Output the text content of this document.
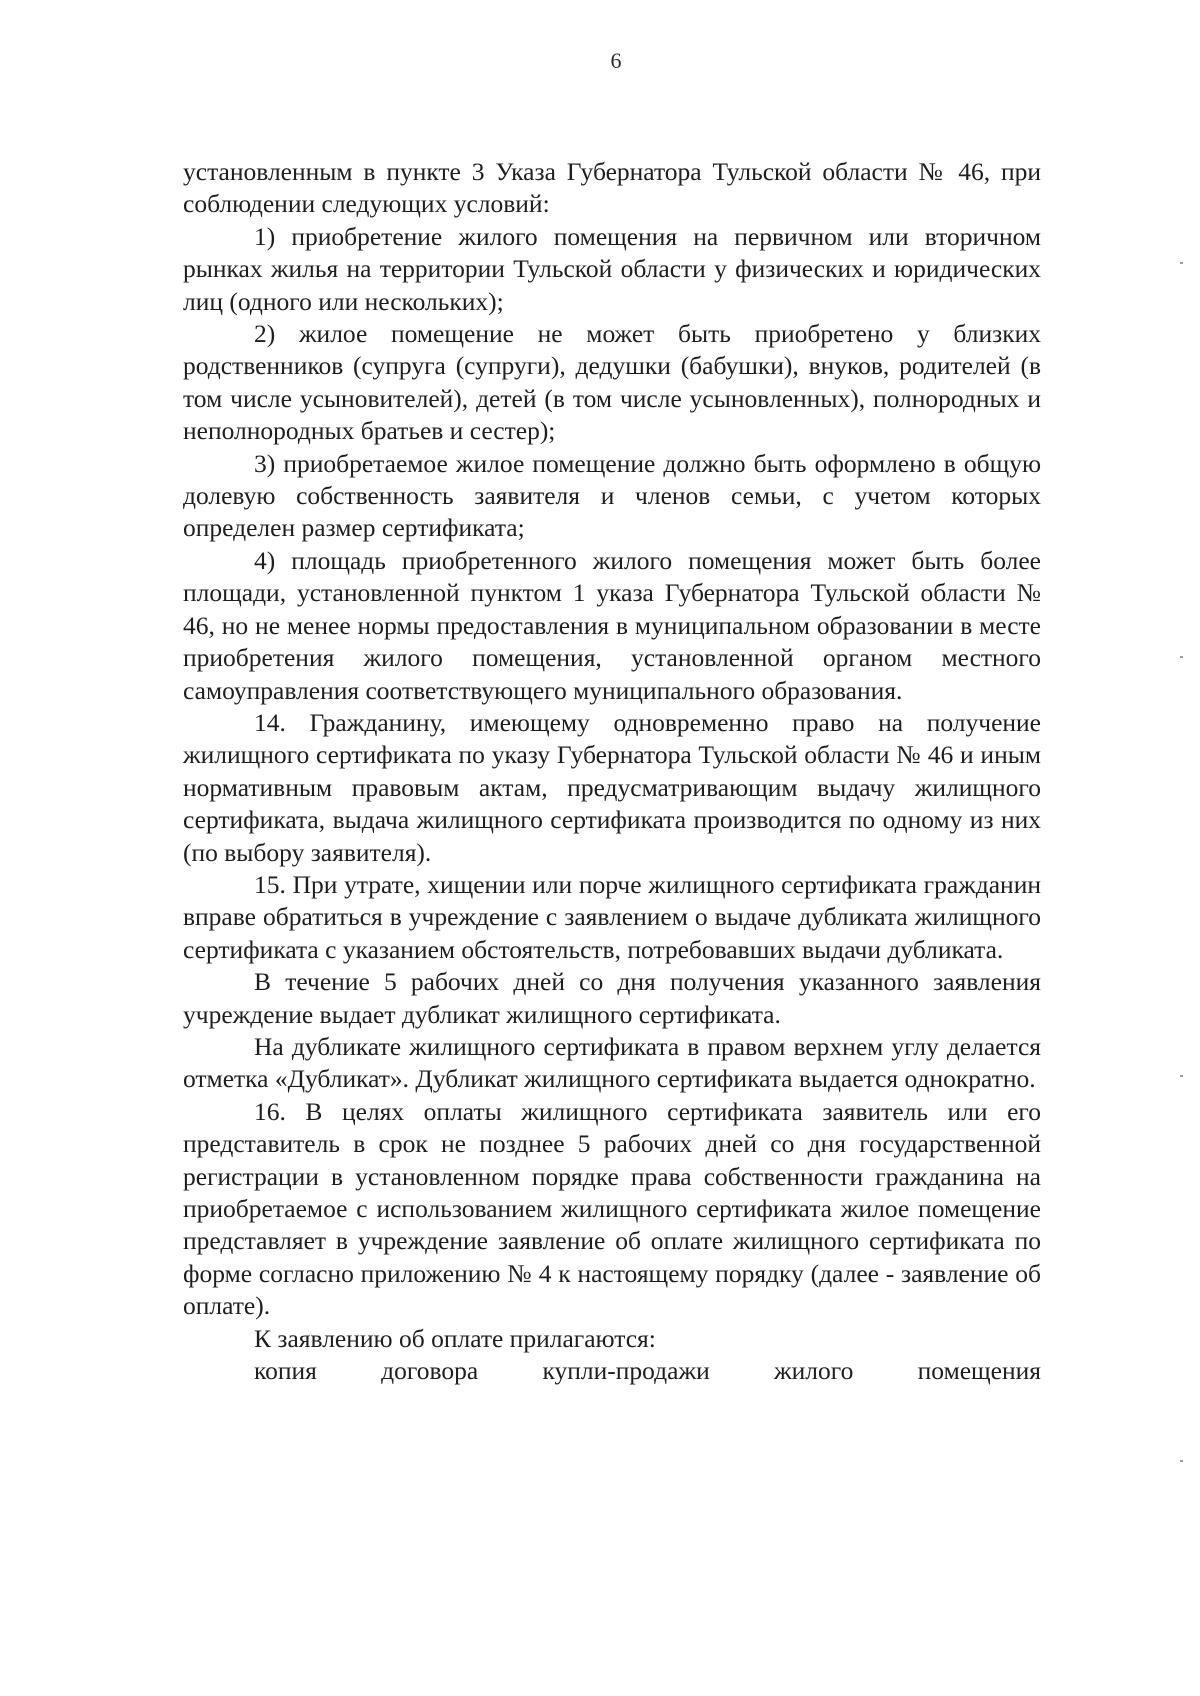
6

установленным в пункте 3 Указа Губернатора Тульской области № 46, при соблюдении следующих условий:

1) приобретение жилого помещения на первичном или вторичном рынках жилья на территории Тульской области у физических и юридических лиц (одного или нескольких);

2) жилое помещение не может быть приобретено у близких родственников (супруга (супруги), дедушки (бабушки), внуков, родителей (в том числе усыновителей), детей (в том числе усыновленных), полнородных и неполнородных братьев и сестер);

3) приобретаемое жилое помещение должно быть оформлено в общую долевую собственность заявителя и членов семьи, с учетом которых определен размер сертификата;

4) площадь приобретенного жилого помещения может быть более площади, установленной пунктом 1 указа Губернатора Тульской области № 46, но не менее нормы предоставления в муниципальном образовании в месте приобретения жилого помещения, установленной органом местного самоуправления соответствующего муниципального образования.

14. Гражданину, имеющему одновременно право на получение жилищного сертификата по указу Губернатора Тульской области № 46 и иным нормативным правовым актам, предусматривающим выдачу жилищного сертификата, выдача жилищного сертификата производится по одному из них (по выбору заявителя).

15. При утрате, хищении или порче жилищного сертификата гражданин вправе обратиться в учреждение с заявлением о выдаче дубликата жилищного сертификата с указанием обстоятельств, потребовавших выдачи дубликата.

В течение 5 рабочих дней со дня получения указанного заявления учреждение выдает дубликат жилищного сертификата.

На дубликате жилищного сертификата в правом верхнем углу делается отметка «Дубликат». Дубликат жилищного сертификата выдается однократно.

16. В целях оплаты жилищного сертификата заявитель или его представитель в срок не позднее 5 рабочих дней со дня государственной регистрации в установленном порядке права собственности гражданина на приобретаемое с использованием жилищного сертификата жилое помещение представляет в учреждение заявление об оплате жилищного сертификата по форме согласно приложению № 4 к настоящему порядку (далее - заявление об оплате).

К заявлению об оплате прилагаются:

копия договора купли-продажи жилого помещения
